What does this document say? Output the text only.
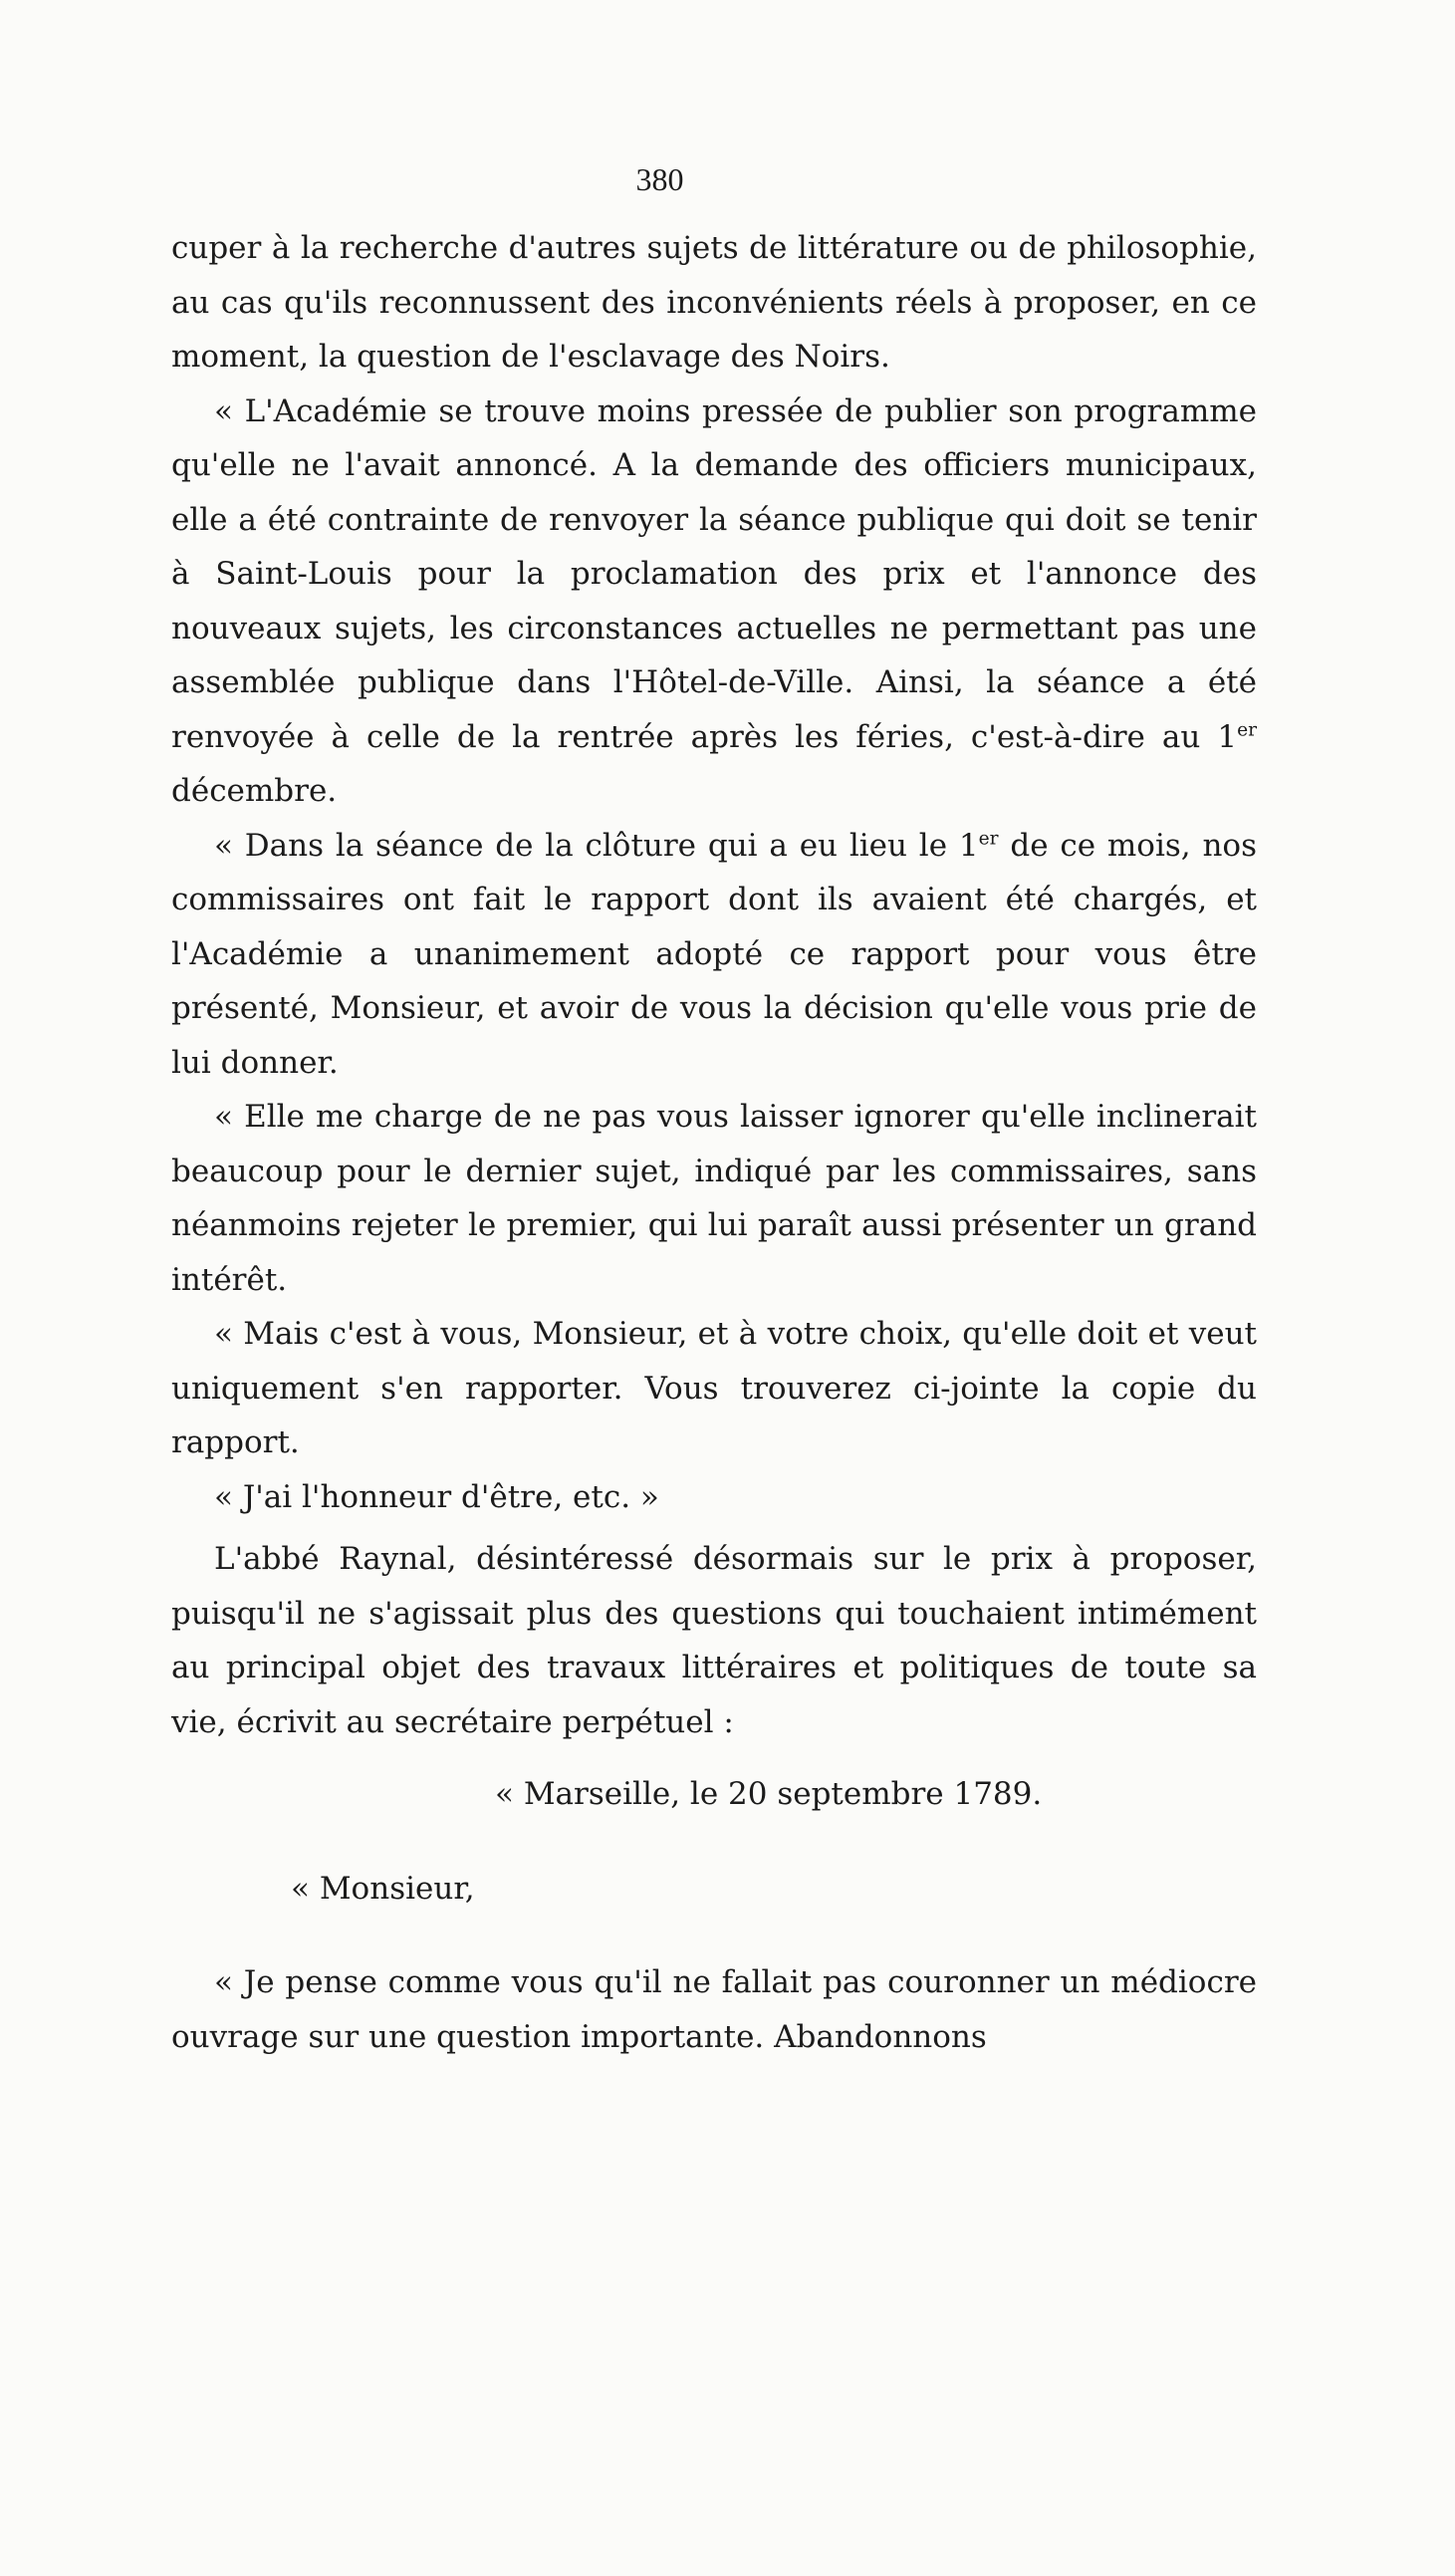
380

cuper à la recherche d'autres sujets de littérature ou de philosophie, au cas qu'ils reconnussent des inconvénients réels à proposer, en ce moment, la question de l'esclavage des Noirs.

« L'Académie se trouve moins pressée de publier son programme qu'elle ne l'avait annoncé. A la demande des officiers municipaux, elle a été contrainte de renvoyer la séance publique qui doit se tenir à Saint-Louis pour la proclamation des prix et l'annonce des nouveaux sujets, les circonstances actuelles ne permettant pas une assemblée publique dans l'Hôtel-de-Ville. Ainsi, la séance a été renvoyée à celle de la rentrée après les féries, c'est-à-dire au 1er décembre.

« Dans la séance de la clôture qui a eu lieu le 1er de ce mois, nos commissaires ont fait le rapport dont ils avaient été chargés, et l'Académie a unanimement adopté ce rapport pour vous être présenté, Monsieur, et avoir de vous la décision qu'elle vous prie de lui donner.

« Elle me charge de ne pas vous laisser ignorer qu'elle inclinerait beaucoup pour le dernier sujet, indiqué par les commissaires, sans néanmoins rejeter le premier, qui lui paraît aussi présenter un grand intérêt.

« Mais c'est à vous, Monsieur, et à votre choix, qu'elle doit et veut uniquement s'en rapporter. Vous trouverez ci-jointe la copie du rapport.

« J'ai l'honneur d'être, etc. »

L'abbé Raynal, désintéressé désormais sur le prix à proposer, puisqu'il ne s'agissait plus des questions qui touchaient intimément au principal objet des travaux littéraires et politiques de toute sa vie, écrivit au secrétaire perpétuel :

« Marseille, le 20 septembre 1789.

« Monsieur,

« Je pense comme vous qu'il ne fallait pas couronner un médiocre ouvrage sur une question importante. Abandonnons
